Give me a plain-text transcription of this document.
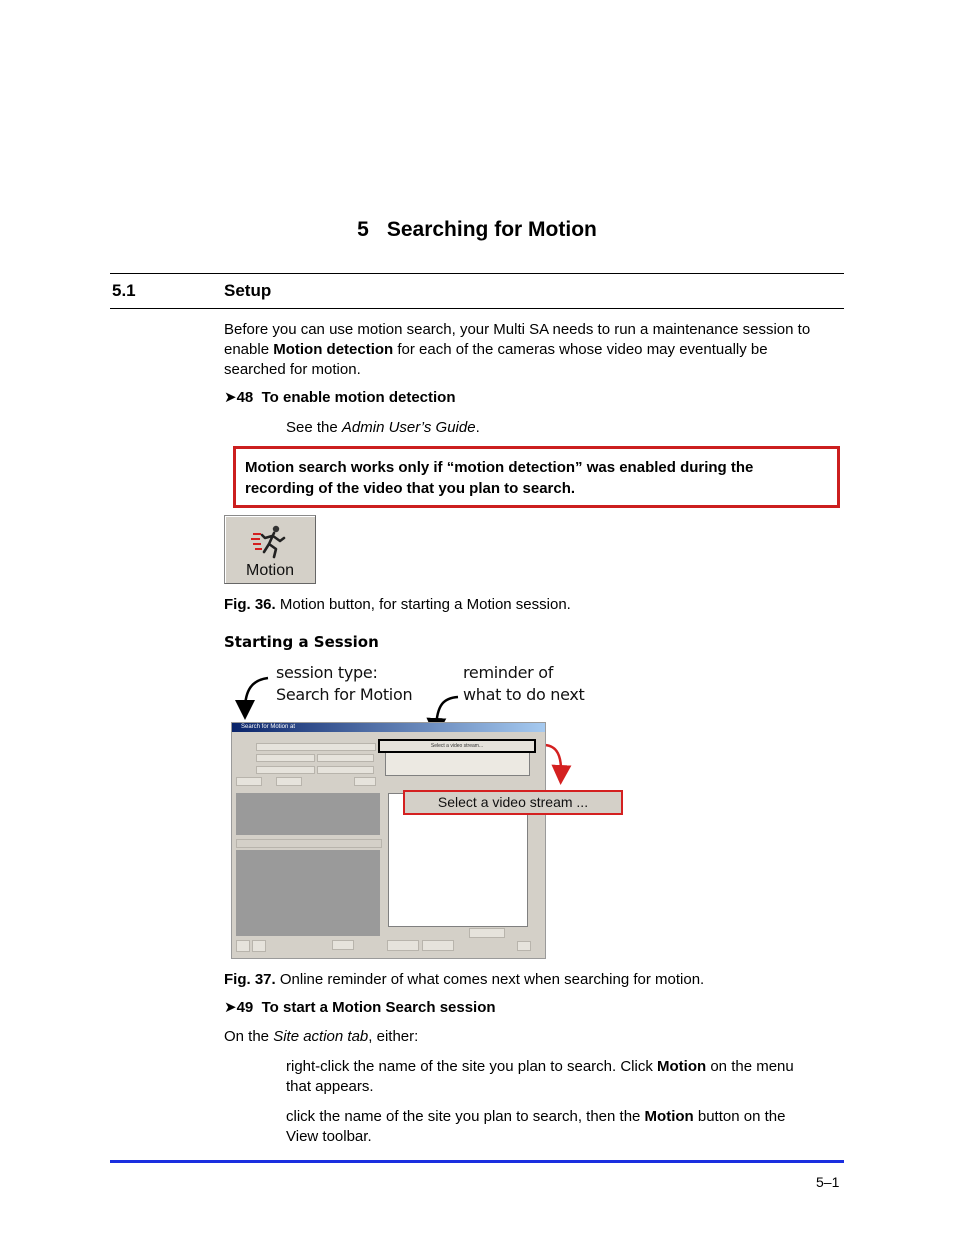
5 Searching for Motion
5.1	Setup
Before you can use motion search, your Multi SA needs to run a maintenance session to
enable Motion detection for each of the cameras whose video may eventually be
searched for motion.
➤48 To enable motion detection
See the Admin User’s Guide.
Motion search works only if “motion detection” was enabled during the
recording of the video that you plan to search.
Motion
Fig. 36. Motion button, for starting a Motion session.
Starting a Session
session type:
Search for Motion
reminder of
what to do next
Search for Motion at
Select a video stream...
Select a video stream ...
Fig. 37. Online reminder of what comes next when searching for motion.
➤49 To start a Motion Search session
On the Site action tab, either:
right-click the name of the site you plan to search. Click Motion on the menu
that appears.
click the name of the site you plan to search, then the Motion button on the
View toolbar.
5–1
